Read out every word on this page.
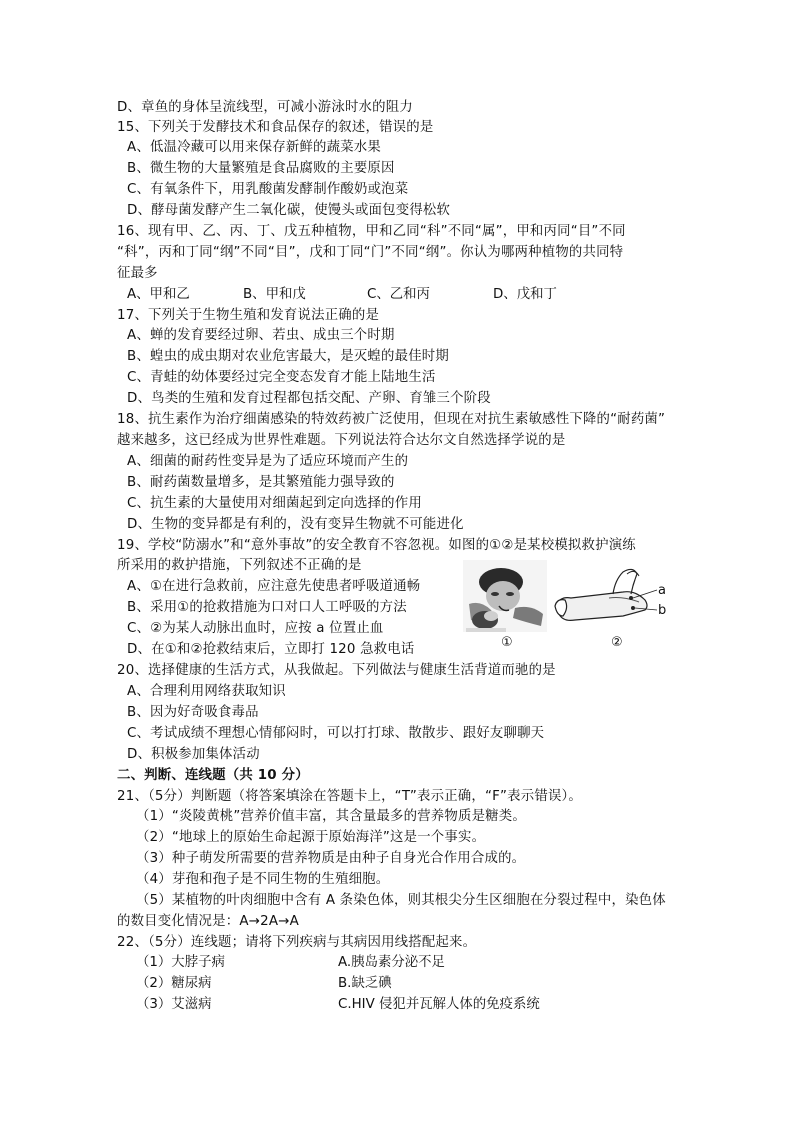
D、章鱼的身体呈流线型，可减小游泳时水的阻力
15、下列关于发酵技术和食品保存的叙述，错误的是
A、低温冷藏可以用来保存新鲜的蔬菜水果
B、微生物的大量繁殖是食品腐败的主要原因
C、有氧条件下，用乳酸菌发酵制作酸奶或泡菜
D、酵母菌发酵产生二氧化碳，使馒头或面包变得松软
16、现有甲、乙、丙、丁、戊五种植物，甲和乙同“科”不同“属”，甲和丙同“目”不同
“科”，丙和丁同“纲”不同“目”，戊和丁同“门”不同“纲”。你认为哪两种植物的共同特
征最多
A、甲和乙	B、甲和戊	C、乙和丙	D、戊和丁
17、下列关于生物生殖和发育说法正确的是
A、蝉的发育要经过卵、若虫、成虫三个时期
B、蝗虫的成虫期对农业危害最大，是灭蝗的最佳时期
C、青蛙的幼体要经过完全变态发育才能上陆地生活
D、鸟类的生殖和发育过程都包括交配、产卵、育雏三个阶段
18、抗生素作为治疗细菌感染的特效药被广泛使用，但现在对抗生素敏感性下降的“耐药菌”
越来越多，这已经成为世界性难题。下列说法符合达尔文自然选择学说的是
A、细菌的耐药性变异是为了适应环境而产生的
B、耐药菌数量增多，是其繁殖能力强导致的
C、抗生素的大量使用对细菌起到定向选择的作用
D、生物的变异都是有利的，没有变异生物就不可能进化
19、学校“防溺水”和“意外事故”的安全教育不容忽视。如图的①②是某校模拟救护演练
所采用的救护措施，下列叙述不正确的是
A、①在进行急救前，应注意先使患者呼吸道通畅
B、采用①的抢救措施为口对口人工呼吸的方法
C、②为某人动脉出血时，应按 a 位置止血
D、在①和②抢救结束后，立即打 120 急救电话
a
b
①	②
20、选择健康的生活方式，从我做起。下列做法与健康生活背道而驰的是
A、合理利用网络获取知识
B、因为好奇吸食毒品
C、考试成绩不理想心情郁闷时，可以打打球、散散步、跟好友聊聊天
D、积极参加集体活动
二、判断、连线题（共 10 分）
21、（5分）判断题（将答案填涂在答题卡上，“T”表示正确，“F”表示错误）。
（1）“炎陵黄桃”营养价值丰富，其含量最多的营养物质是糖类。
（2）“地球上的原始生命起源于原始海洋”这是一个事实。
（3）种子萌发所需要的营养物质是由种子自身光合作用合成的。
（4）芽孢和孢子是不同生物的生殖细胞。
（5）某植物的叶肉细胞中含有 A 条染色体，则其根尖分生区细胞在分裂过程中，染色体
的数目变化情况是：A→2A→A
22、（5分）连线题；请将下列疾病与其病因用线搭配起来。
（1）大脖子病	A.胰岛素分泌不足
（2）糖尿病	B.缺乏碘
（3）艾滋病	C.HIV 侵犯并瓦解人体的免疫系统
